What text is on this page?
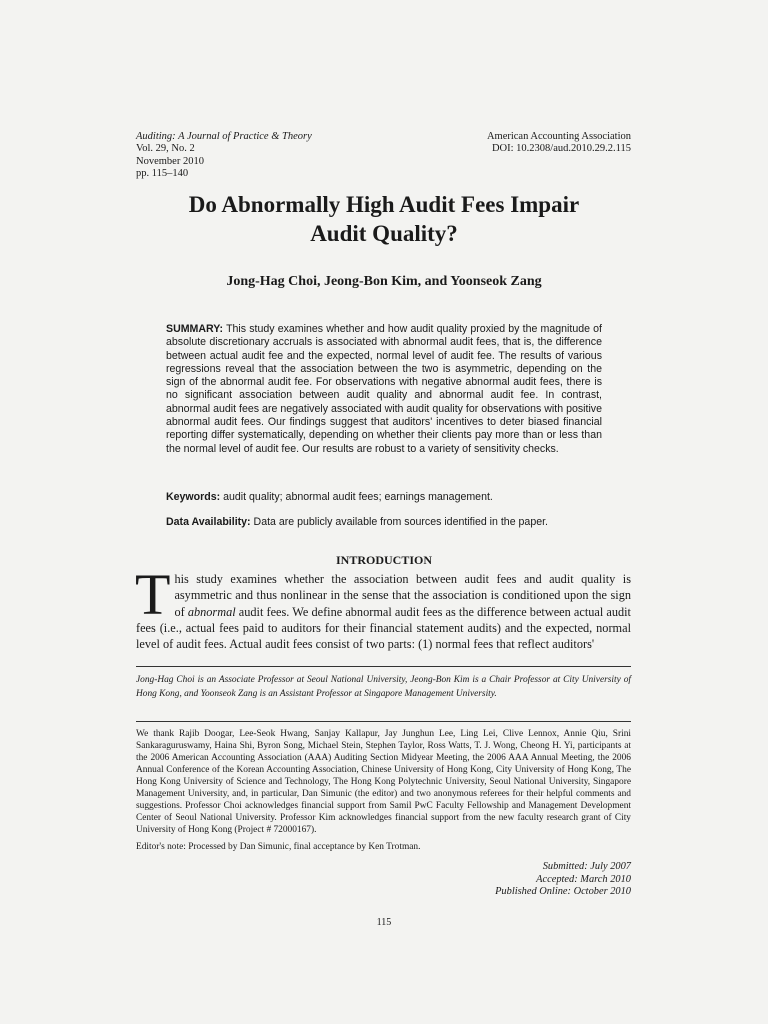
Auditing: A Journal of Practice & Theory
Vol. 29, No. 2
November 2010
pp. 115–140
American Accounting Association
DOI: 10.2308/aud.2010.29.2.115
Do Abnormally High Audit Fees Impair
Audit Quality?
Jong-Hag Choi, Jeong-Bon Kim, and Yoonseok Zang
SUMMARY: This study examines whether and how audit quality proxied by the magnitude of absolute discretionary accruals is associated with abnormal audit fees, that is, the difference between actual audit fee and the expected, normal level of audit fee. The results of various regressions reveal that the association between the two is asymmetric, depending on the sign of the abnormal audit fee. For observations with negative abnormal audit fees, there is no significant association between audit quality and abnormal audit fee. In contrast, abnormal audit fees are negatively associated with audit quality for observations with positive abnormal audit fees. Our findings suggest that auditors' incentives to deter biased financial reporting differ systematically, depending on whether their clients pay more than or less than the normal level of audit fee. Our results are robust to a variety of sensitivity checks.
Keywords: audit quality; abnormal audit fees; earnings management.
Data Availability: Data are publicly available from sources identified in the paper.
INTRODUCTION
This study examines whether the association between audit fees and audit quality is asymmetric and thus nonlinear in the sense that the association is conditioned upon the sign of abnormal audit fees. We define abnormal audit fees as the difference between actual audit fees (i.e., actual fees paid to auditors for their financial statement audits) and the expected, normal level of audit fees. Actual audit fees consist of two parts: (1) normal fees that reflect auditors'
Jong-Hag Choi is an Associate Professor at Seoul National University, Jeong-Bon Kim is a Chair Professor at City University of Hong Kong, and Yoonseok Zang is an Assistant Professor at Singapore Management University.
We thank Rajib Doogar, Lee-Seok Hwang, Sanjay Kallapur, Jay Junghun Lee, Ling Lei, Clive Lennox, Annie Qiu, Srini Sankaraguruswamy, Haina Shi, Byron Song, Michael Stein, Stephen Taylor, Ross Watts, T. J. Wong, Cheong H. Yi, participants at the 2006 American Accounting Association (AAA) Auditing Section Midyear Meeting, the 2006 AAA Annual Meeting, the 2006 Annual Conference of the Korean Accounting Association, Chinese University of Hong Kong, City University of Hong Kong, The Hong Kong University of Science and Technology, The Hong Kong Polytechnic University, Seoul National University, Singapore Management University, and, in particular, Dan Simunic (the editor) and two anonymous referees for their helpful comments and suggestions. Professor Choi acknowledges financial support from Samil PwC Faculty Fellowship and Management Development Center of Seoul National University. Professor Kim acknowledges financial support from the new faculty research grant of City University of Hong Kong (Project # 72000167).
Editor's note: Processed by Dan Simunic, final acceptance by Ken Trotman.
Submitted: July 2007
Accepted: March 2010
Published Online: October 2010
115
